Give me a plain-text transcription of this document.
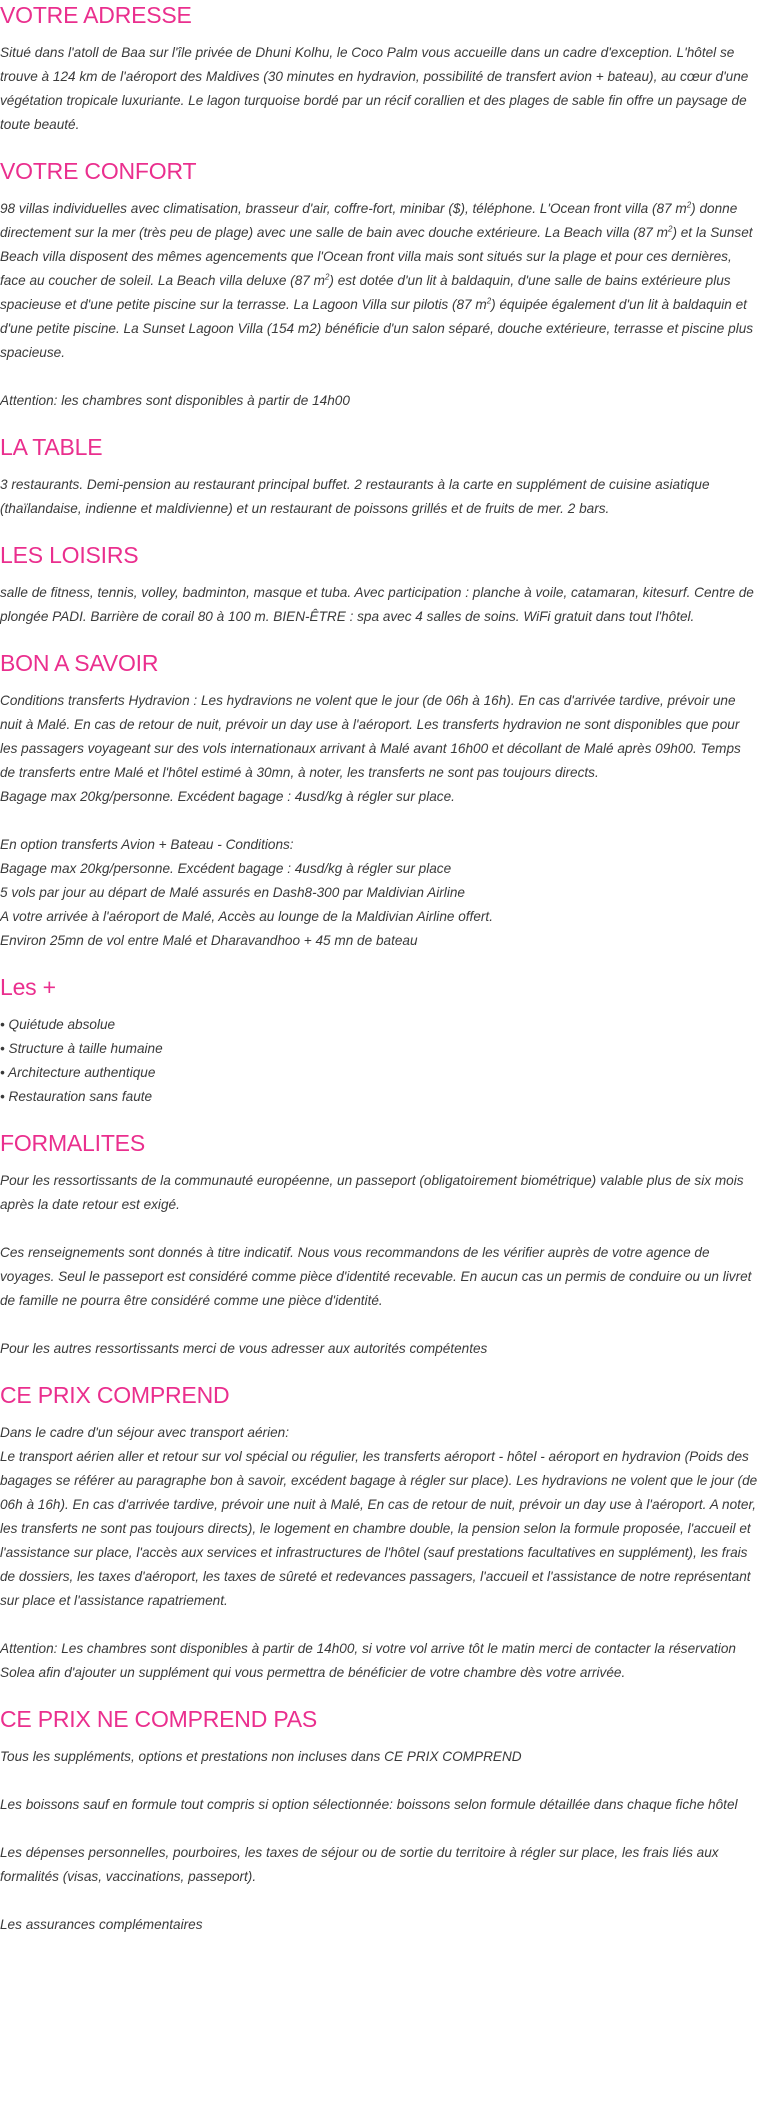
VOTRE ADRESSE

Situé dans l'atoll de Baa sur l'île privée de Dhuni Kolhu, le Coco Palm vous accueille dans un cadre d'exception. L'hôtel se trouve à 124 km de l'aéroport des Maldives (30 minutes en hydravion, possibilité de transfert avion + bateau), au cœur d'une végétation tropicale luxuriante. Le lagon turquoise bordé par un récif corallien et des plages de sable fin offre un paysage de toute beauté.

VOTRE CONFORT

98 villas individuelles avec climatisation, brasseur d'air, coffre-fort, minibar ($), téléphone. L'Ocean front villa (87 $m^2$) donne directement sur la mer (très peu de plage) avec une salle de bain avec douche extérieure. La Beach villa (87 $m^2$) et la Sunset Beach villa disposent des mêmes agencements que l'Ocean front villa mais sont situés sur la plage et pour ces dernières, face au coucher de soleil. La Beach villa deluxe (87 $m^2$) est dotée d'un lit à baldaquin, d'une salle de bains extérieure plus spacieuse et d'une petite piscine sur la terrasse. La Lagoon Villa sur pilotis (87 $m^2$) équipée également d'un lit à baldaquin et d'une petite piscine. La Sunset Lagoon Villa (154 m2) bénéficie d'un salon séparé, douche extérieure, terrasse et piscine plus spacieuse.

Attention: les chambres sont disponibles à partir de 14h00

LA TABLE

3 restaurants. Demi-pension au restaurant principal buffet. 2 restaurants à la carte en supplément de cuisine asiatique (thaïlandaise, indienne et maldivienne) et un restaurant de poissons grillés et de fruits de mer. 2 bars.

LES LOISIRS

salle de fitness, tennis, volley, badminton, masque et tuba. Avec participation : planche à voile, catamaran, kitesurf. Centre de plongée PADI. Barrière de corail 80 à 100 m. BIEN-ÊTRE : spa avec 4 salles de soins. WiFi gratuit dans tout l'hôtel.

BON A SAVOIR

Conditions transferts Hydravion : Les hydravions ne volent que le jour (de 06h à 16h). En cas d'arrivée tardive, prévoir une nuit à Malé. En cas de retour de nuit, prévoir un day use à l'aéroport. Les transferts hydravion ne sont disponibles que pour les passagers voyageant sur des vols internationaux arrivant à Malé avant 16h00 et décollant de Malé après 09h00. Temps de transferts entre Malé et l'hôtel estimé à 30mn, à noter, les transferts ne sont pas toujours directs.

Bagage max 20kg/personne. Excédent bagage : 4usd/kg à régler sur place.

En option transferts Avion + Bateau - Conditions:

Bagage max 20kg/personne. Excédent bagage : 4usd/kg à régler sur place

5 vols par jour au départ de Malé assurés en Dash8-300 par Maldivian Airline

A votre arrivée à l'aéroport de Malé, Accès au lounge de la Maldivian Airline offert.

Environ 25mn de vol entre Malé et Dharavandhoo + 45 mn de bateau

Les +
• Quiétude absolue
• Structure à taille humaine
• Architecture authentique
• Restauration sans faute
FORMALITES

Pour les ressortissants de la communauté européenne, un passeport (obligatoirement biométrique) valable plus de six mois après la date retour est exigé.

Ces renseignements sont donnés à titre indicatif. Nous vous recommandons de les vérifier auprès de votre agence de voyages. Seul le passeport est considéré comme pièce d'identité recevable. En aucun cas un permis de conduire ou un livret de famille ne pourra être considéré comme une pièce d'identité.

Pour les autres ressortissants merci de vous adresser aux autorités compétentes

CE PRIX COMPREND

Dans le cadre d'un séjour avec transport aérien:

Le transport aérien aller et retour sur vol spécial ou régulier, les transferts aéroport - hôtel - aéroport en hydravion (Poids des bagages se référer au paragraphe bon à savoir, excédent bagage à régler sur place). Les hydravions ne volent que le jour (de 06h à 16h). En cas d'arrivée tardive, prévoir une nuit à Malé, En cas de retour de nuit, prévoir un day use à l'aéroport. A noter, les transferts ne sont pas toujours directs), le logement en chambre double, la pension selon la formule proposée, l'accueil et l'assistance sur place, l'accès aux services et infrastructures de l'hôtel (sauf prestations facultatives en supplément), les frais de dossiers, les taxes d'aéroport, les taxes de sûreté et redevances passagers, l'accueil et l'assistance de notre représentant sur place et l'assistance rapatriement.

Attention: Les chambres sont disponibles à partir de 14h00, si votre vol arrive tôt le matin merci de contacter la réservation Solea afin d'ajouter un supplément qui vous permettra de bénéficier de votre chambre dès votre arrivée.

CE PRIX NE COMPREND PAS

Tous les suppléments, options et prestations non incluses dans CE PRIX COMPREND

Les boissons sauf en formule tout compris si option sélectionnée: boissons selon formule détaillée dans chaque fiche hôtel

Les dépenses personnelles, pourboires, les taxes de séjour ou de sortie du territoire à régler sur place, les frais liés aux formalités (visas, vaccinations, passeport).

Les assurances complémentaires
